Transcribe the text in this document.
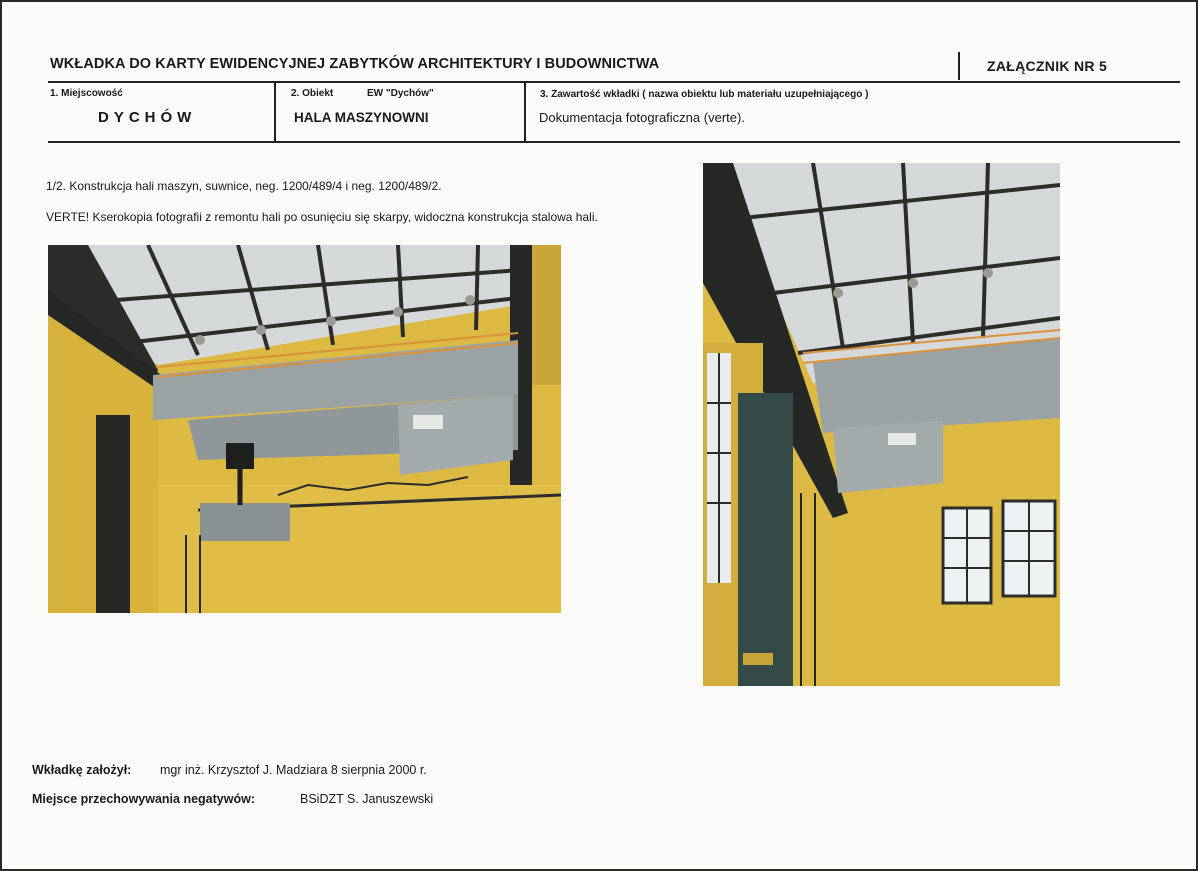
WKŁADKA DO KARTY EWIDENCYJNEJ ZABYTKÓW ARCHITEKTURY I BUDOWNICTWA	ZAŁĄCZNIK NR 5
1. Miejscowość
DYCHÓW
2. Obiekt	EW "Dychów"
HALA MASZYNOWNI
3. Zawartość wkładki ( nazwa obiektu lub materiału uzupełniającego )
Dokumentacja fotograficzna (verte).
1/2. Konstrukcja hali maszyn, suwnice, neg. 1200/489/4 i neg. 1200/489/2.
VERTE! Kserokopia fotografii z remontu hali po osunięciu się skarpy, widoczna konstrukcja stalowa hali.
Wkładkę założył: mgr inż. Krzysztof J. Madziara 8 sierpnia 2000 r.
Miejsce przechowywania negatywów:	BSiDZT S. Januszewski
